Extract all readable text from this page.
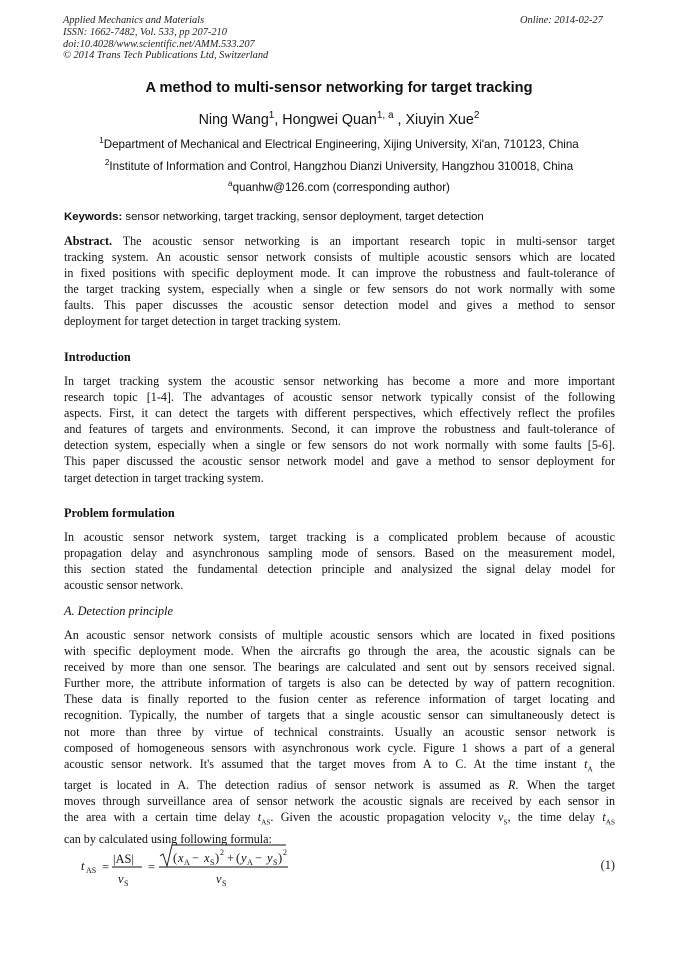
Applied Mechanics and Materials
ISSN: 1662-7482, Vol. 533, pp 207-210
doi:10.4028/www.scientific.net/AMM.533.207
© 2014 Trans Tech Publications Ltd, Switzerland
Online: 2014-02-27
A method to multi-sensor networking for target tracking
Ning Wang$^1$, Hongwei Quan$^{1, a}$ , Xiuyin Xue$^2$
$^1$Department of Mechanical and Electrical Engineering, Xijing University, Xi'an, 710123, China
$^2$Institute of Information and Control, Hangzhou Dianzi University, Hangzhou 310018, China
$^a$quanhw@126.com (corresponding author)
Keywords: sensor networking, target tracking, sensor deployment, target detection
Abstract. The acoustic sensor networking is an important research topic in multi-sensor target
tracking system. An acoustic sensor network consists of multiple acoustic sensors which are located
in fixed positions with specific deployment mode. It can improve the robustness and fault-tolerance of
the target tracking system, especially when a single or few sensors do not work normally with some
faults. This paper discusses the acoustic sensor detection model and gives a method to sensor
deployment for target detection in target tracking system.
Introduction
In target tracking system the acoustic sensor networking has become a more and more important
research topic [1-4]. The advantages of acoustic sensor network typically consist of the following
aspects. First, it can detect the targets with different perspectives, which effectively reflect the profiles
and features of targets and environments. Second, it can improve the robustness and fault-tolerance of
detection system, especially when a single or few sensors do not work normally with some faults [5-6].
This paper discussed the acoustic sensor network model and gave a method to sensor deployment for
target detection in target tracking system.
Problem formulation
In acoustic sensor network system, target tracking is a complicated problem because of acoustic
propagation delay and asynchronous sampling mode of sensors. Based on the measurement model,
this section stated the fundamental detection principle and analysized the signal delay model for
acoustic sensor network.
A. Detection principle
An acoustic sensor network consists of multiple acoustic sensors which are located in fixed positions
with specific deployment mode. When the aircrafts go through the area, the acoustic signals can be
received by more than one sensor. The bearings are calculated and sent out by sensors received signal.
Further more, the attribute information of targets is also can be detected by way of pattern recognition.
These data is finally reported to the fusion center as reference information of target locating and
recognition. Typically, the number of targets that a single acoustic sensor can simultaneously detect is
not more than three by virtue of technical constraints. Usually an acoustic sensor network is
composed of homogeneous sensors with asynchronous work cycle. Figure 1 shows a part of a general
acoustic sensor network. It's assumed that the target moves from A to C. At the time instant $t_A$ the
target is located in A. The detection radius of sensor network is assumed as R. When the target
moves through surveillance area of sensor network the acoustic signals are received by each sensor in
the area with a certain time delay $t_{AS}$. Given the acoustic propagation velocity $v_S$, the time delay $t_{AS}$
can by calculated using following formula:
t AS =
|AS|
v S
=
( x A − x S ) 2 + ( y A − y S ) 2
v S
(1)
